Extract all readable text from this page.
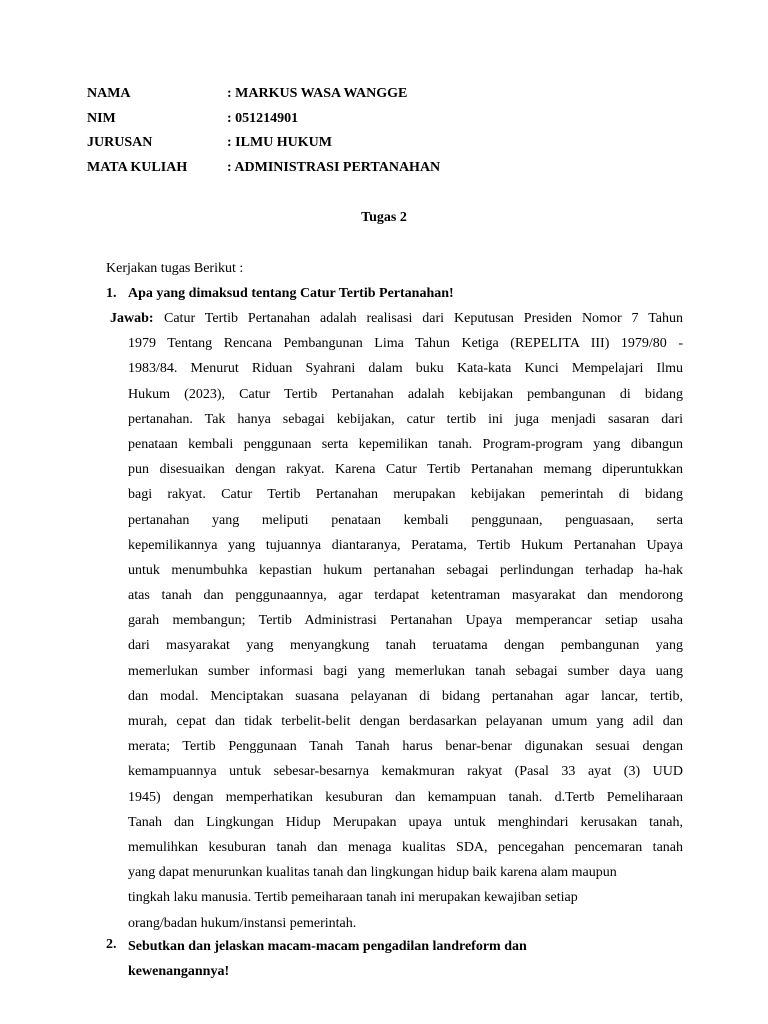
NAMA	: MARKUS WASA WANGGE
NIM	: 051214901
JURUSAN	: ILMU HUKUM
MATA KULIAH	: ADMINISTRASI PERTANAHAN
Tugas 2
Kerjakan tugas Berikut :
1. Apa yang dimaksud tentang Catur Tertib Pertanahan!
Jawab: Catur Tertib Pertanahan adalah realisasi dari Keputusan Presiden Nomor 7 Tahun
1979 Tentang Rencana Pembangunan Lima Tahun Ketiga (REPELITA III) 1979/80 -
1983/84. Menurut Riduan Syahrani dalam buku Kata-kata Kunci Mempelajari Ilmu
Hukum (2023), Catur Tertib Pertanahan adalah kebijakan pembangunan di bidang
pertanahan. Tak hanya sebagai kebijakan, catur tertib ini juga menjadi sasaran dari
penataan kembali penggunaan serta kepemilikan tanah. Program-program yang dibangun
pun disesuaikan dengan rakyat. Karena Catur Tertib Pertanahan memang diperuntukkan
bagi rakyat. Catur Tertib Pertanahan merupakan kebijakan pemerintah di bidang
pertanahan yang meliputi penataan kembali penggunaan, penguasaan, serta
kepemilikannya yang tujuannya diantaranya, Peratama, Tertib Hukum Pertanahan Upaya
untuk menumbuhka kepastian hukum pertanahan sebagai perlindungan terhadap ha-hak
atas tanah dan penggunaannya, agar terdapat ketentraman masyarakat dan mendorong
garah membangun; Tertib Administrasi Pertanahan Upaya memperancar setiap usaha
dari masyarakat yang menyangkung tanah teruatama dengan pembangunan yang
memerlukan sumber informasi bagi yang memerlukan tanah sebagai sumber daya uang
dan modal. Menciptakan suasana pelayanan di bidang pertanahan agar lancar, tertib,
murah, cepat dan tidak terbelit-belit dengan berdasarkan pelayanan umum yang adil dan
merata; Tertib Penggunaan Tanah Tanah harus benar-benar digunakan sesuai dengan
kemampuannya untuk sebesar-besarnya kemakmuran rakyat (Pasal 33 ayat (3) UUD
1945) dengan memperhatikan kesuburan dan kemampuan tanah. d.Tertb Pemeliharaan
Tanah dan Lingkungan Hidup Merupakan upaya untuk menghindari kerusakan tanah,
memulihkan kesuburan tanah dan menaga kualitas SDA, pencegahan pencemaran tanah
yang dapat menurunkan kualitas tanah dan lingkungan hidup baik karena alam maupun
tingkah laku manusia. Tertib pemeiharaan tanah ini merupakan kewajiban setiap
orang/badan hukum/instansi pemerintah.
2. Sebutkan dan jelaskan macam-macam pengadilan landreform dan
kewenangannya!
